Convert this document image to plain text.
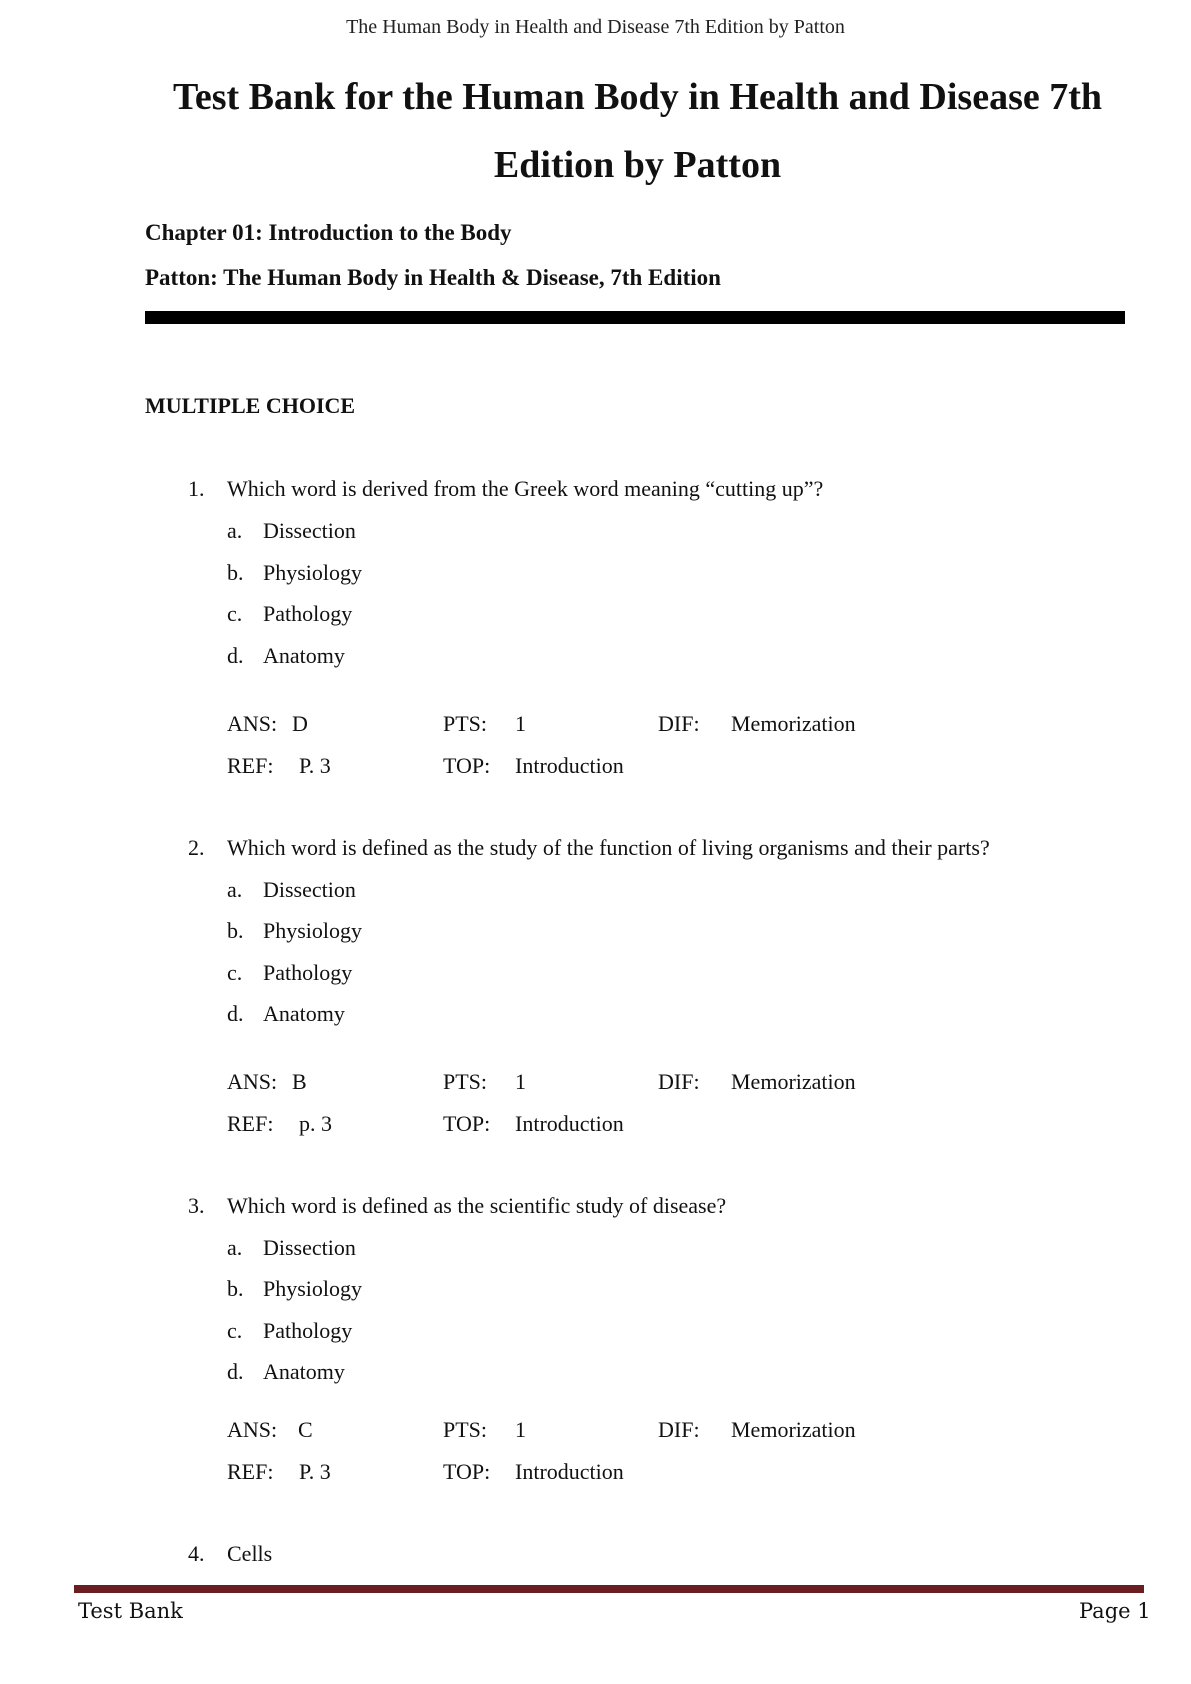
The Human Body in Health and Disease 7th Edition by Patton
Test Bank for the Human Body in Health and Disease 7th
Edition by Patton
Chapter 01: Introduction to the Body
Patton: The Human Body in Health & Disease, 7th Edition
MULTIPLE CHOICE
1. Which word is derived from the Greek word meaning “cutting up”?
a. Dissection
b. Physiology
c. Pathology
d. Anatomy
ANS: D	PTS: 1	DIF: Memorization
REF: P. 3	TOP: Introduction
2. Which word is defined as the study of the function of living organisms and their parts?
a. Dissection
b. Physiology
c. Pathology
d. Anatomy
ANS: B	PTS: 1	DIF: Memorization
REF: p. 3	TOP: Introduction
3. Which word is defined as the scientific study of disease?
a. Dissection
b. Physiology
c. Pathology
d. Anatomy
ANS: C	PTS: 1	DIF: Memorization
REF: P. 3	TOP: Introduction
4. Cells
Test Bank	Page 1
